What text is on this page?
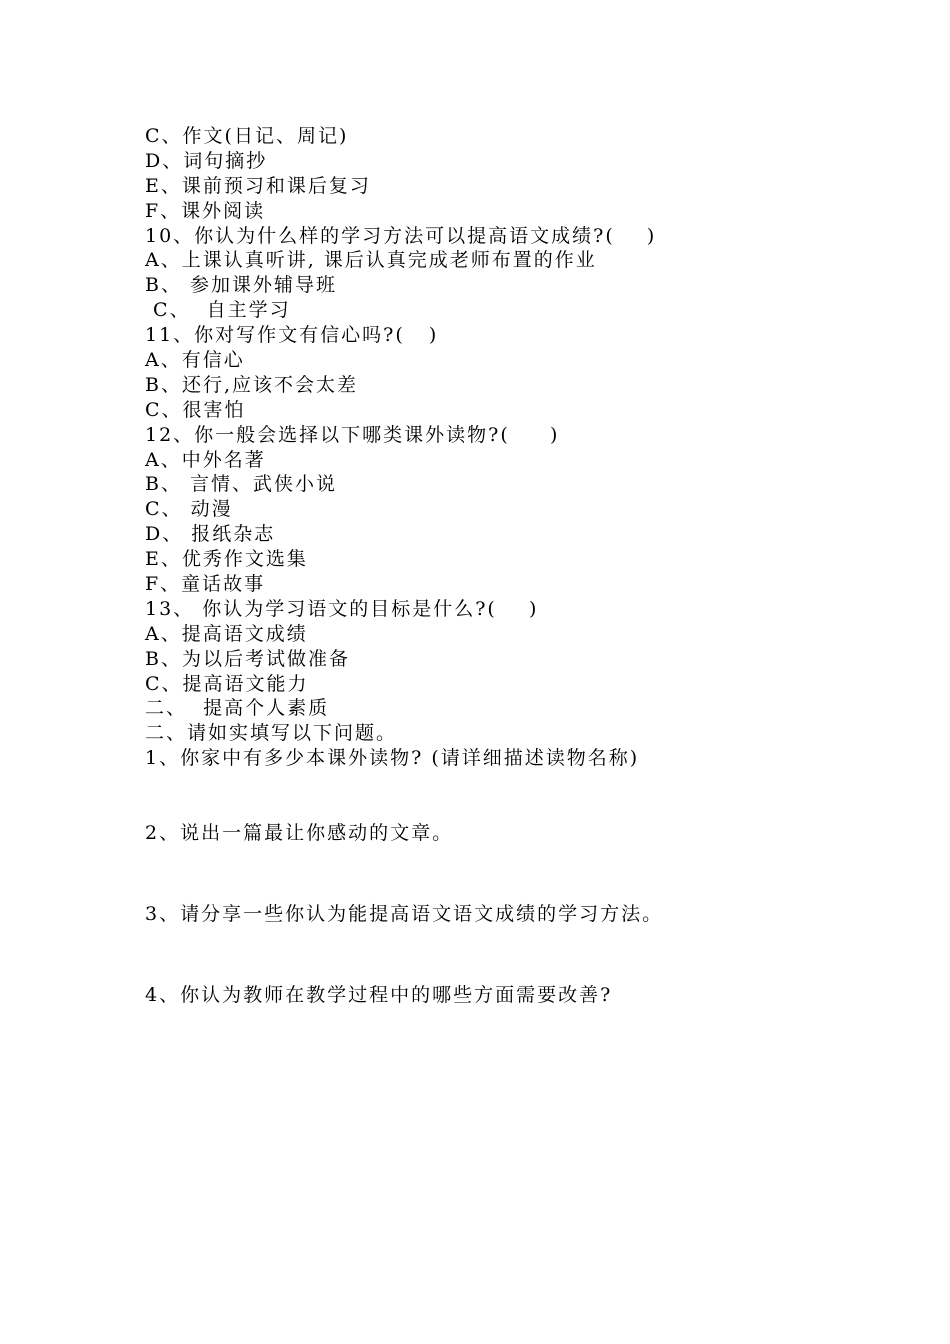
C、作文(日记、周记)
D、词句摘抄
E、课前预习和课后复习
F、课外阅读
10、你认为什么样的学习方法可以提高语文成绩?(    )
A、上课认真听讲, 课后认真完成老师布置的作业
B、 参加课外辅导班
C、  自主学习
11、你对写作文有信心吗?(   )
A、有信心
B、还行,应该不会太差
C、很害怕
12、你一般会选择以下哪类课外读物?(     )
A、中外名著
B、 言情、武侠小说
C、 动漫
D、 报纸杂志
E、优秀作文选集
F、童话故事
13、 你认为学习语文的目标是什么?(    )
A、提高语文成绩
B、为以后考试做准备
C、提高语文能力
二、  提高个人素质
二、请如实填写以下问题。
1、你家中有多少本课外读物? (请详细描述读物名称)
2、说出一篇最让你感动的文章。
3、请分享一些你认为能提高语文语文成绩的学习方法。
4、你认为教师在教学过程中的哪些方面需要改善?
